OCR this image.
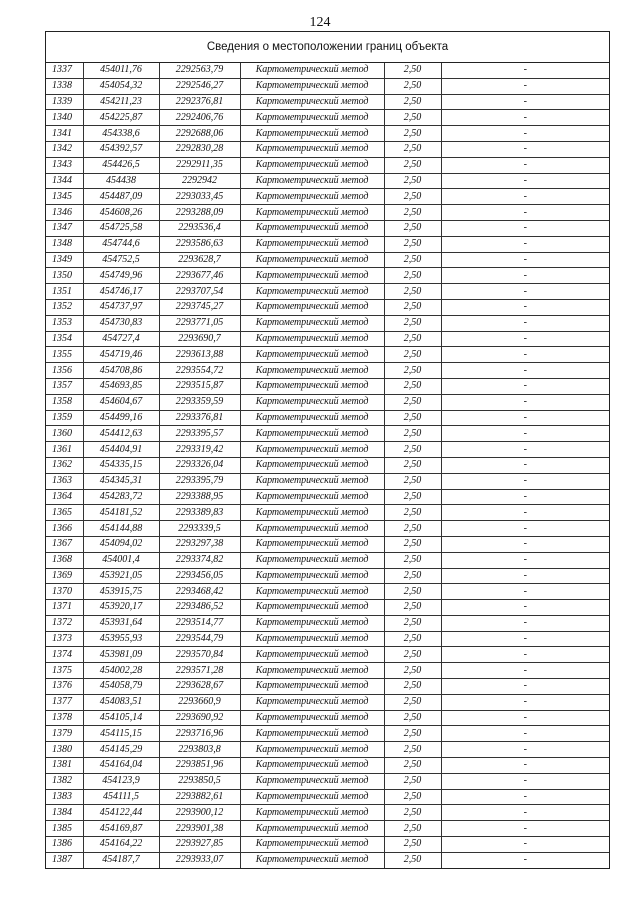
124
Сведения о местоположении границ объекта
1337	454011,76	2292563,79	Картометрический метод	2,50	-
1338	454054,32	2292546,27	Картометрический метод	2,50	-
1339	454211,23	2292376,81	Картометрический метод	2,50	-
1340	454225,87	2292406,76	Картометрический метод	2,50	-
1341	454338,6	2292688,06	Картометрический метод	2,50	-
1342	454392,57	2292830,28	Картометрический метод	2,50	-
1343	454426,5	2292911,35	Картометрический метод	2,50	-
1344	454438	2292942	Картометрический метод	2,50	-
1345	454487,09	2293033,45	Картометрический метод	2,50	-
1346	454608,26	2293288,09	Картометрический метод	2,50	-
1347	454725,58	2293536,4	Картометрический метод	2,50	-
1348	454744,6	2293586,63	Картометрический метод	2,50	-
1349	454752,5	2293628,7	Картометрический метод	2,50	-
1350	454749,96	2293677,46	Картометрический метод	2,50	-
1351	454746,17	2293707,54	Картометрический метод	2,50	-
1352	454737,97	2293745,27	Картометрический метод	2,50	-
1353	454730,83	2293771,05	Картометрический метод	2,50	-
1354	454727,4	2293690,7	Картометрический метод	2,50	-
1355	454719,46	2293613,88	Картометрический метод	2,50	-
1356	454708,86	2293554,72	Картометрический метод	2,50	-
1357	454693,85	2293515,87	Картометрический метод	2,50	-
1358	454604,67	2293359,59	Картометрический метод	2,50	-
1359	454499,16	2293376,81	Картометрический метод	2,50	-
1360	454412,63	2293395,57	Картометрический метод	2,50	-
1361	454404,91	2293319,42	Картометрический метод	2,50	-
1362	454335,15	2293326,04	Картометрический метод	2,50	-
1363	454345,31	2293395,79	Картометрический метод	2,50	-
1364	454283,72	2293388,95	Картометрический метод	2,50	-
1365	454181,52	2293389,83	Картометрический метод	2,50	-
1366	454144,88	2293339,5	Картометрический метод	2,50	-
1367	454094,02	2293297,38	Картометрический метод	2,50	-
1368	454001,4	2293374,82	Картометрический метод	2,50	-
1369	453921,05	2293456,05	Картометрический метод	2,50	-
1370	453915,75	2293468,42	Картометрический метод	2,50	-
1371	453920,17	2293486,52	Картометрический метод	2,50	-
1372	453931,64	2293514,77	Картометрический метод	2,50	-
1373	453955,93	2293544,79	Картометрический метод	2,50	-
1374	453981,09	2293570,84	Картометрический метод	2,50	-
1375	454002,28	2293571,28	Картометрический метод	2,50	-
1376	454058,79	2293628,67	Картометрический метод	2,50	-
1377	454083,51	2293660,9	Картометрический метод	2,50	-
1378	454105,14	2293690,92	Картометрический метод	2,50	-
1379	454115,15	2293716,96	Картометрический метод	2,50	-
1380	454145,29	2293803,8	Картометрический метод	2,50	-
1381	454164,04	2293851,96	Картометрический метод	2,50	-
1382	454123,9	2293850,5	Картометрический метод	2,50	-
1383	454111,5	2293882,61	Картометрический метод	2,50	-
1384	454122,44	2293900,12	Картометрический метод	2,50	-
1385	454169,87	2293901,38	Картометрический метод	2,50	-
1386	454164,22	2293927,85	Картометрический метод	2,50	-
1387	454187,7	2293933,07	Картометрический метод	2,50	-
